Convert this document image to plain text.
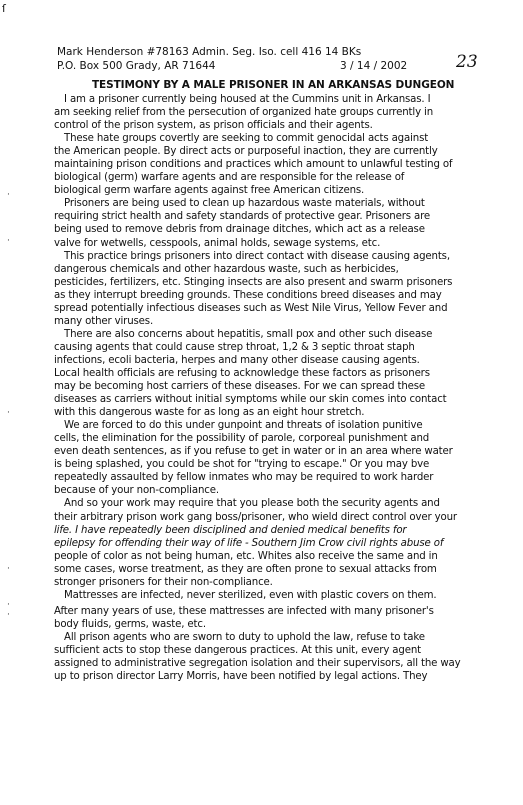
ſ
Mark Henderson #78163 Admin. Seg. Iso. cell 416 14 BKs
P.O. Box 500 Grady, AR 71644	3 / 14 / 2002	23
TESTIMONY BY A MALE PRISONER IN AN ARKANSAS DUNGEON
I am a prisoner currently being housed at the Cummins unit in Arkansas. I
am seeking relief from the persecution of organized hate groups currently in
control of the prison system, as prison officials and their agents.
These hate groups covertly are seeking to commit genocidal acts against
the American people. By direct acts or purposeful inaction, they are currently
maintaining prison conditions and practices which amount to unlawful testing of
biological (germ) warfare agents and are responsible for the release of
biological germ warfare agents against free American citizens.
Prisoners are being used to clean up hazardous waste materials, without
requiring strict health and safety standards of protective gear. Prisoners are
being used to remove debris from drainage ditches, which act as a release
valve for wetwells, cesspools, animal holds, sewage systems, etc.
This practice brings prisoners into direct contact with disease causing agents,
dangerous chemicals and other hazardous waste, such as herbicides,
pesticides, fertilizers, etc. Stinging insects are also present and swarm prisoners
as they interrupt breeding grounds. These conditions breed diseases and may
spread potentially infectious diseases such as West Nile Virus, Yellow Fever and
many other viruses.
There are also concerns about hepatitis, small pox and other such disease
causing agents that could cause strep throat, 1,2 & 3 septic throat staph
infections, ecoli bacteria, herpes and many other disease causing agents.
Local health officials are refusing to acknowledge these factors as prisoners
may be becoming host carriers of these diseases. For we can spread these
diseases as carriers without initial symptoms while our skin comes into contact
with this dangerous waste for as long as an eight hour stretch.
We are forced to do this under gunpoint and threats of isolation punitive
cells, the elimination for the possibility of parole, corporeal punishment and
even death sentences, as if you refuse to get in water or in an area where water
is being splashed, you could be shot for "trying to escape." Or you may bve
repeatedly assaulted by fellow inmates who may be required to work harder
because of your non-compliance.
And so your work may require that you please both the security agents and
their arbitrary prison work gang boss/prisoner, who wield direct control over your
life. I have repeatedly been disciplined and denied medical benefits for
epilepsy for offending their way of life - Southern Jim Crow civil rights abuse of
people of color as not being human, etc. Whites also receive the same and in
some cases, worse treatment, as they are often prone to sexual attacks from
stronger prisoners for their non-compliance.
Mattresses are infected, never sterilized, even with plastic covers on them.
After many years of use, these mattresses are infected with many prisoner's
body fluids, germs, waste, etc.
All prison agents who are sworn to duty to uphold the law, refuse to take
sufficient acts to stop these dangerous practices. At this unit, every agent
assigned to administrative segregation isolation and their supervisors, all the way
up to prison director Larry Morris, have been notified by legal actions. They
·
·
·
·
·
·
